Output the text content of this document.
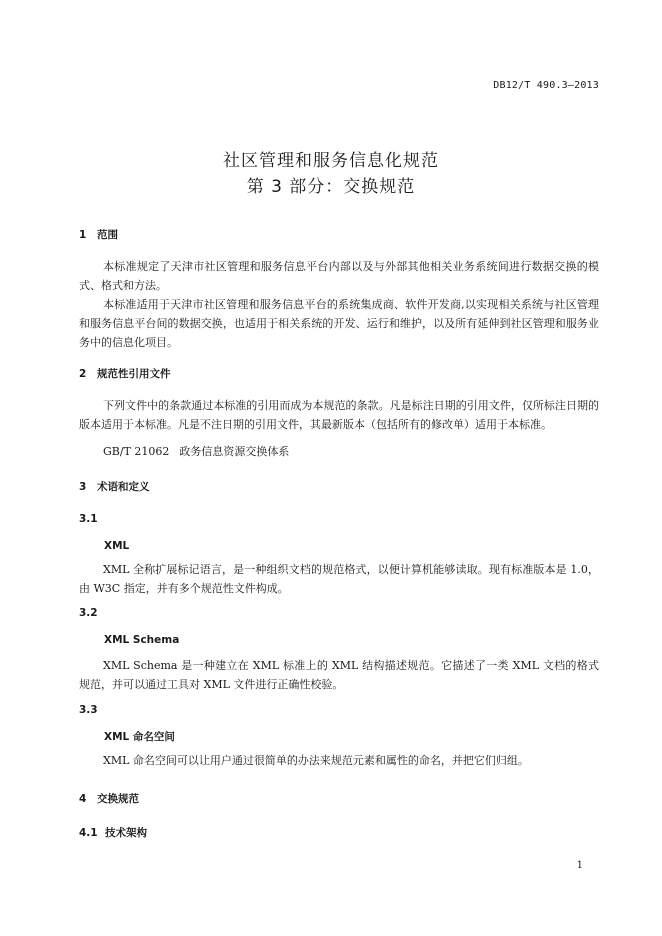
DB12/T 490.3—2013
社区管理和服务信息化规范
第 3 部分：交换规范
1 范围
本标准规定了天津市社区管理和服务信息平台内部以及与外部其他相关业务系统间进行数据交换的模式、格式和方法。
本标准适用于天津市社区管理和服务信息平台的系统集成商、软件开发商,以实现相关系统与社区管理和服务信息平台间的数据交换，也适用于相关系统的开发、运行和维护，以及所有延伸到社区管理和服务业务中的信息化项目。
2 规范性引用文件
下列文件中的条款通过本标准的引用而成为本规范的条款。凡是标注日期的引用文件，仅所标注日期的版本适用于本标准。凡是不注日期的引用文件，其最新版本（包括所有的修改单）适用于本标准。
GB/T 21062 政务信息资源交换体系
3 术语和定义
3.1
XML
XML 全称扩展标记语言，是一种组织文档的规范格式，以便计算机能够读取。现有标准版本是 1.0，由 W3C 指定，并有多个规范性文件构成。
3.2
XML Schema
XML Schema 是一种建立在 XML 标准上的 XML 结构描述规范。它描述了一类 XML 文档的格式规范，并可以通过工具对 XML 文件进行正确性校验。
3.3
XML 命名空间
XML 命名空间可以让用户通过很简单的办法来规范元素和属性的命名，并把它们归组。
4 交换规范
4.1 技术架构
1
